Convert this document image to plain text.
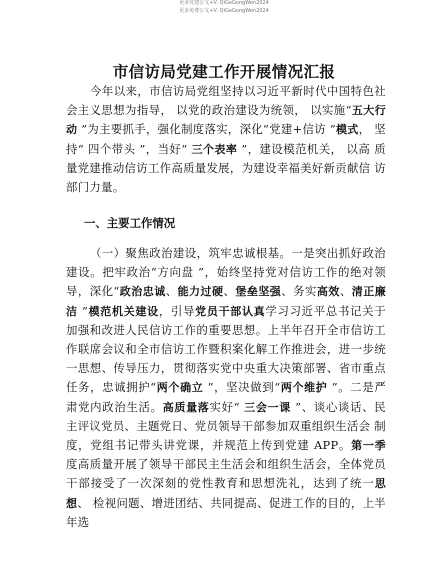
更多党建公文+V: QiGeGongWen2024
更多免费公文+V: QiGeGongWen2024
市信访局党建工作开展情况汇报
今年以来，市信访局党组坚持以习近平新时代中国特色社会主义思想为指导， 以党的政治建设为统领， 以实施“五大行 动 ”为主要抓手，强化制度落实，深化“党建+信访 ”模式， 坚持“ 四个带头 ”，当好“ 三个表率 ”，建设模范机关， 以高 质量党建推动信访工作高质量发展，为建设幸福美好新贡献信 访部门力量。
一、主要工作情况
（一）聚焦政治建设，筑牢忠诚根基。一是突出抓好政治建设。把牢政治“方向盘 ”，始终坚持党对信访工作的绝对领导，深化“政治忠诚、能力过硬、堡垒坚强、务实高效、清正廉洁 ”模范机关建设，引导党员干部认真学习习近平总书记关于加强和改进人民信访工作的重要思想。上半年召开全市信访工作联席会议和全市信访工作暨积案化解工作推进会，进一步统一思想、传导压力，贯彻落实党中央重大决策部署、省市重点任务，忠诚拥护“两个确立 ”，坚决做到“两个维护 ”。二是严肃党内政治生活。高质量落实好“ 三会一课 ”、谈心谈话、民主评议党员、主题党日、党员领导干部参加双重组织生活会 制度，党组书记带头讲党课，并规范上传到党建 APP。第一季 度高质量开展了领导干部民主生活会和组织生活会，全体党员 干部接受了一次深刻的党性教育和思想洗礼，达到了统一思想、 检视问题、增进团结、共同提高、促进工作的目的，上半年选
